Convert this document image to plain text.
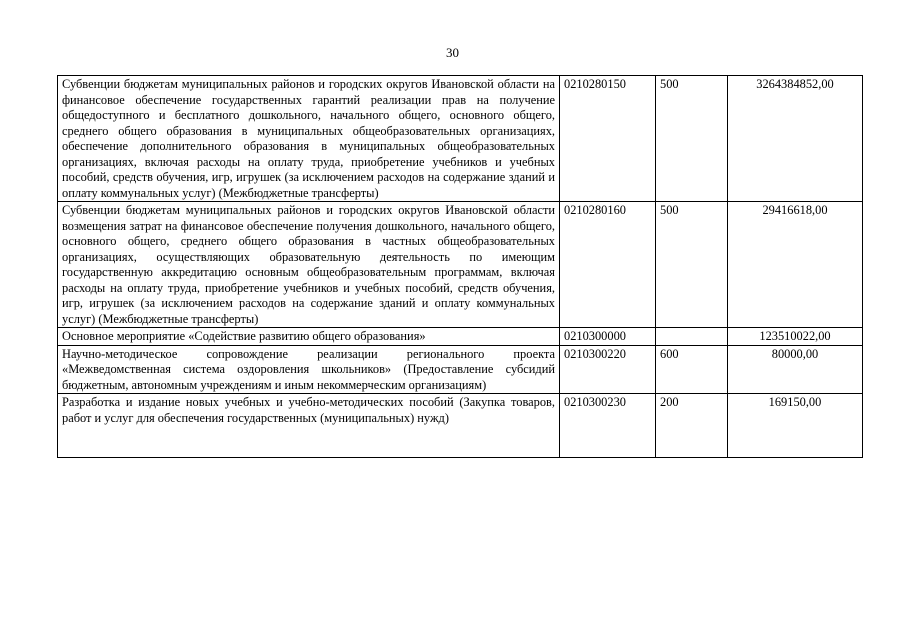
30
Субвенции бюджетам муниципальных районов и городских округов Ивановской области на финансовое обеспечение государственных гарантий реализации прав на получение общедоступного и бесплатного дошкольного, начального общего, основного общего, среднего общего образования в муниципальных общеобразовательных организациях, обеспечение дополнительного образования в муниципальных общеобразовательных организациях, включая расходы на оплату труда, приобретение учебников и учебных пособий, средств обучения, игр, игрушек (за исключением расходов на содержание зданий и оплату коммунальных услуг) (Межбюджетные трансферты)	0210280150	500	3264384852,00
Субвенции бюджетам муниципальных районов и городских округов Ивановской области возмещения затрат на финансовое обеспечение получения дошкольного, начального общего, основного общего, среднего общего образования в частных общеобразовательных организациях, осуществляющих образовательную деятельность по имеющим государственную аккредитацию основным общеобразовательным программам, включая расходы на оплату труда, приобретение учебников и учебных пособий, средств обучения, игр, игрушек (за исключением расходов на содержание зданий и оплату коммунальных услуг) (Межбюджетные трансферты)	0210280160	500	29416618,00
Основное мероприятие «Содействие развитию общего образования»	0210300000		123510022,00
Научно-методическое сопровождение реализации регионального проекта «Межведомственная система оздоровления школьников» (Предоставление субсидий бюджетным, автономным учреждениям и иным некоммерческим организациям)	0210300220	600	80000,00
Разработка и издание новых учебных и учебно-методических пособий (Закупка товаров, работ и услуг для обеспечения государственных (муниципальных) нужд)	0210300230	200	169150,00
